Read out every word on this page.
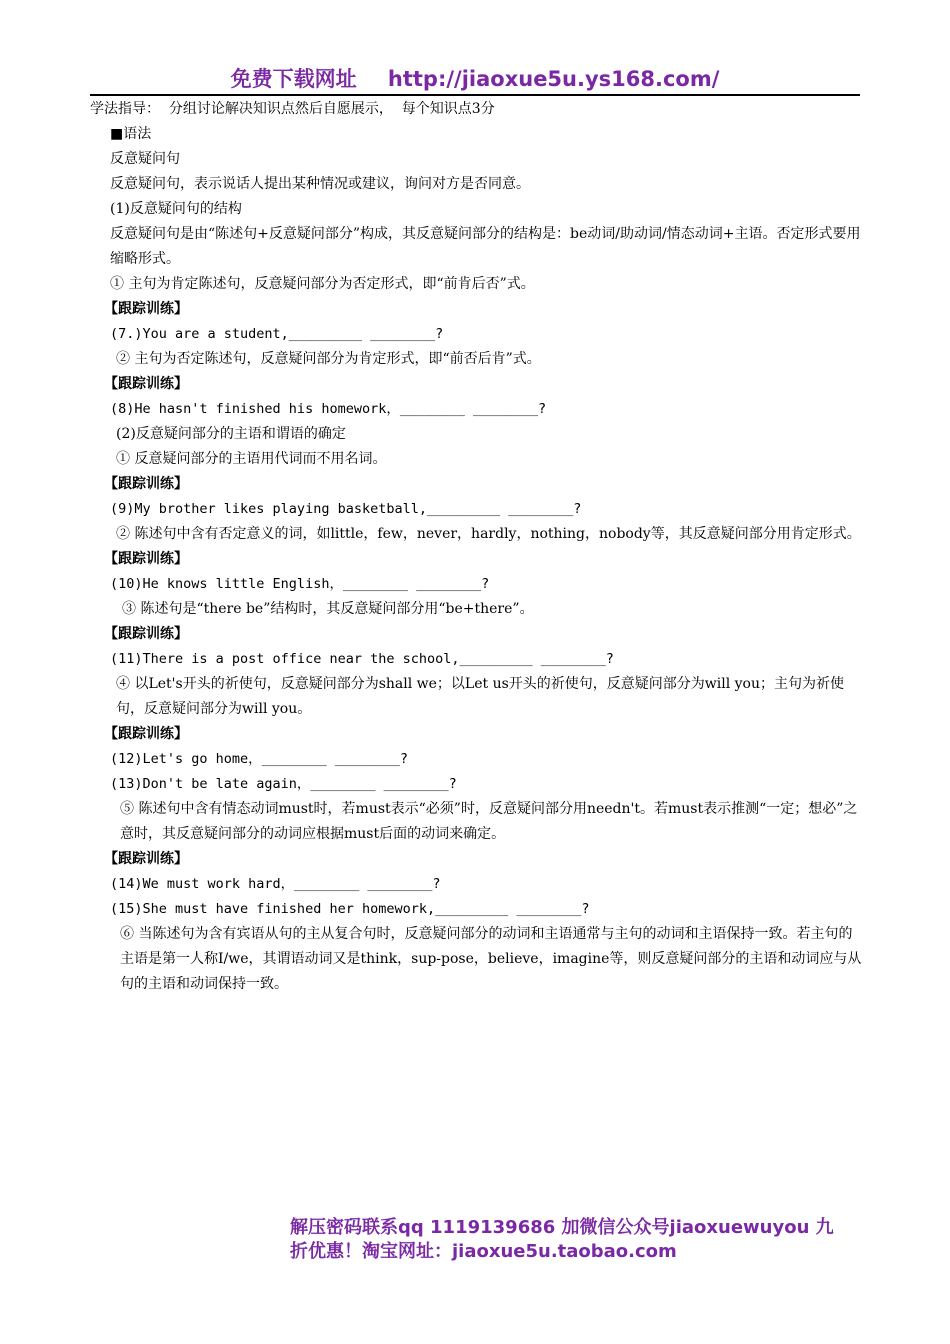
免费下载网址 http://jiaoxue5u.ys168.com/
学法指导：  分组讨论解决知识点然后自愿展示，  每个知识点3分
■语法
反意疑问句
反意疑问句，表示说话人提出某种情况或建议，询问对方是否同意。
(1)反意疑问句的结构
反意疑问句是由“陈述句+反意疑问部分”构成，其反意疑问部分的结构是：be动词/助动词/情态动词+主语。否定形式要用缩略形式。
① 主句为肯定陈述句，反意疑问部分为否定形式，即“前肯后否”式。
【跟踪训练】
(7.)You are a student,_________ ________?
② 主句为否定陈述句，反意疑问部分为肯定形式，即“前否后肯”式。
【跟踪训练】
(8)He hasn't finished his homework，________ ________?
(2)反意疑问部分的主语和谓语的确定
① 反意疑问部分的主语用代词而不用名词。
【跟踪训练】
(9)My brother likes playing basketball,_________ ________?
② 陈述句中含有否定意义的词，如little，few，never，hardly，nothing，nobody等，其反意疑问部分用肯定形式。
【跟踪训练】
(10)He knows little English，________ ________?
③ 陈述句是“there be”结构时，其反意疑问部分用“be+there”。
【跟踪训练】
(11)There is a post office near the school,_________ ________?
④ 以Let's开头的祈使句，反意疑问部分为shall we；以Let us开头的祈使句，反意疑问部分为will you；主句为祈使句，反意疑问部分为will you。
【跟踪训练】
(12)Let's go home，________ ________?
(13)Don't be late again，________ ________?
⑤ 陈述句中含有情态动词must时，若must表示“必须”时，反意疑问部分用needn't。若must表示推测“一定；想必”之意时，其反意疑问部分的动词应根据must后面的动词来确定。
【跟踪训练】
(14)We must work hard，________ ________?
(15)She must have finished her homework,_________ ________?
⑥ 当陈述句为含有宾语从句的主从复合句时，反意疑问部分的动词和主语通常与主句的动词和主语保持一致。若主句的主语是第一人称I/we，其谓语动词又是think，sup-pose，believe，imagine等，则反意疑问部分的主语和动词应与从句的主语和动词保持一致。
解压密码联系qq 1119139686 加微信公众号jiaoxuewuyou 九折优惠！淘宝网址：jiaoxue5u.taobao.com
